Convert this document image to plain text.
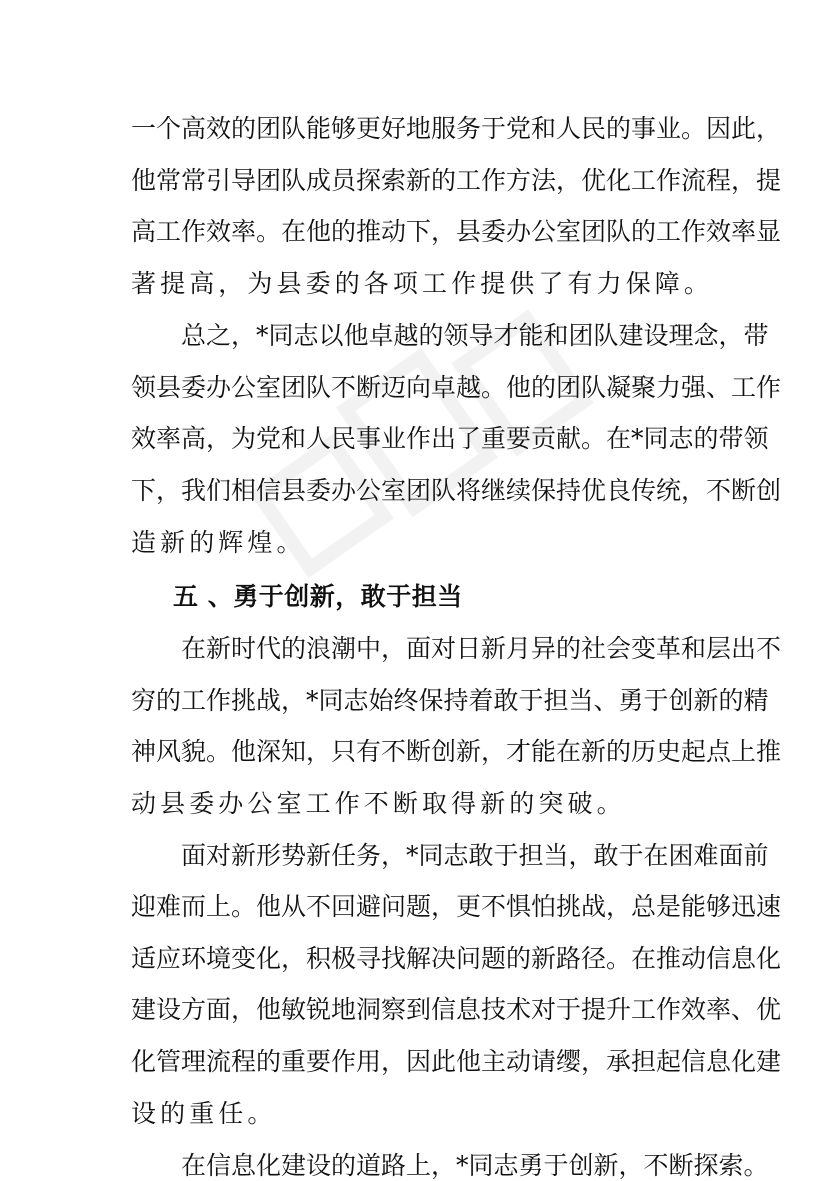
一个高效的团队能够更好地服务于党和人民的事业。因此，
他常常引导团队成员探索新的工作方法，优化工作流程，提
高工作效率。在他的推动下，县委办公室团队的工作效率显
著提高，为县委的各项工作提供了有力保障。
总之，*同志以他卓越的领导才能和团队建设理念，带
领县委办公室团队不断迈向卓越。他的团队凝聚力强、工作
效率高，为党和人民事业作出了重要贡献。在*同志的带领
下，我们相信县委办公室团队将继续保持优良传统，不断创
造新的辉煌。
五 、勇于创新，敢于担当
在新时代的浪潮中，面对日新月异的社会变革和层出不
穷的工作挑战，*同志始终保持着敢于担当、勇于创新的精
神风貌。他深知，只有不断创新，才能在新的历史起点上推
动县委办公室工作不断取得新的突破。
面对新形势新任务，*同志敢于担当，敢于在困难面前
迎难而上。他从不回避问题，更不惧怕挑战，总是能够迅速
适应环境变化，积极寻找解决问题的新路径。在推动信息化
建设方面，他敏锐地洞察到信息技术对于提升工作效率、优
化管理流程的重要作用，因此他主动请缨，承担起信息化建
设的重任。
在信息化建设的道路上，*同志勇于创新，不断探索。
